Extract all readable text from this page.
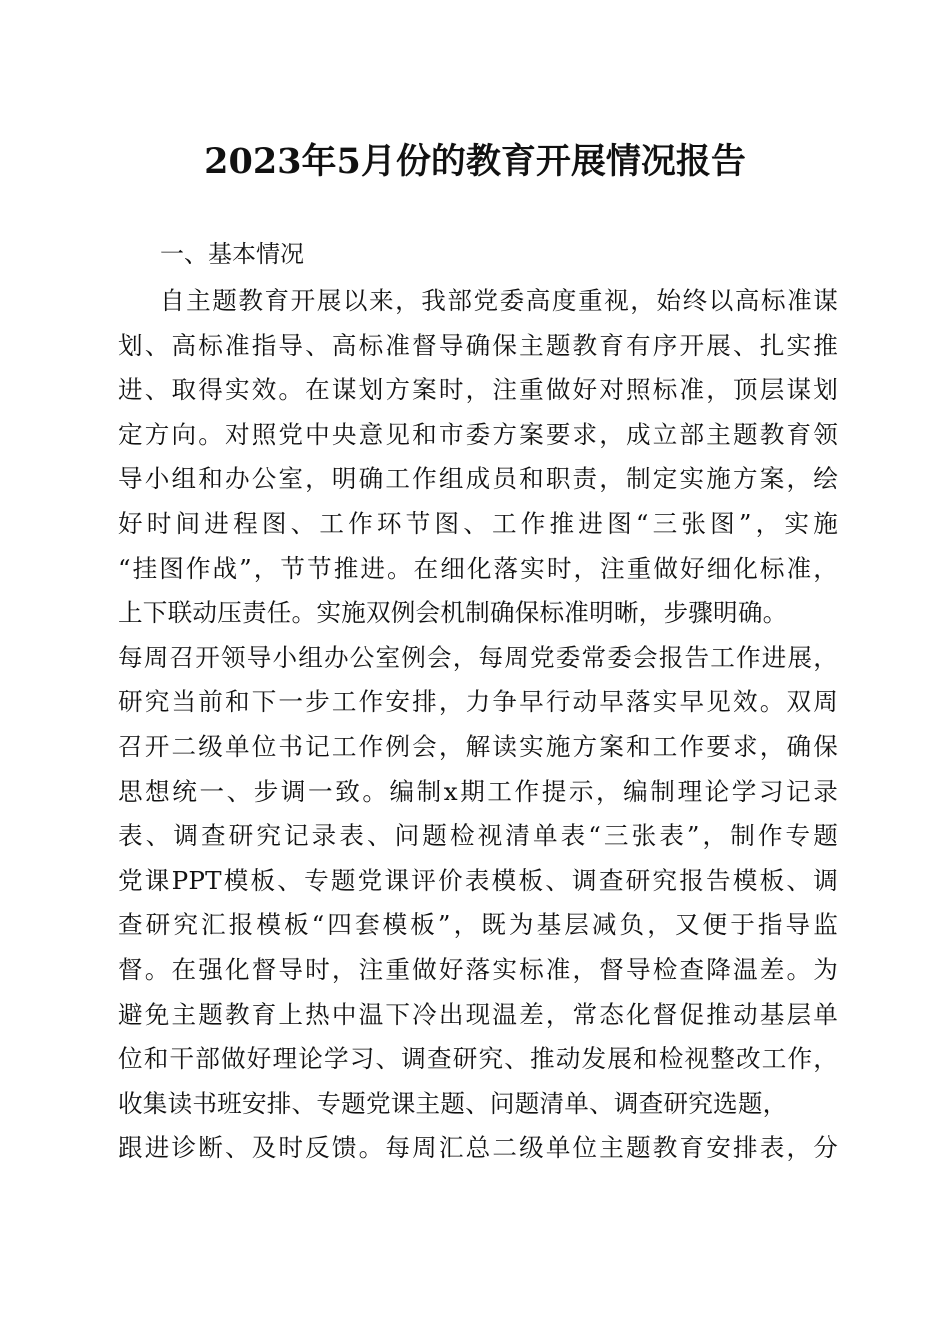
2023年5月份的教育开展情况报告
一、基本情况
自主题教育开展以来，我部党委高度重视，始终以高标准谋
划、高标准指导、高标准督导确保主题教育有序开展、扎实推
进、取得实效。在谋划方案时，注重做好对照标准，顶层谋划
定方向。对照党中央意见和市委方案要求，成立部主题教育领
导小组和办公室，明确工作组成员和职责，制定实施方案，绘
好时间进程图、工作环节图、工作推进图“三张图”，实施
“挂图作战”，节节推进。在细化落实时，注重做好细化标准，
上下联动压责任。实施双例会机制确保标准明晰，步骤明确。
每周召开领导小组办公室例会，每周党委常委会报告工作进展，
研究当前和下一步工作安排，力争早行动早落实早见效。双周
召开二级单位书记工作例会，解读实施方案和工作要求，确保
思想统一、步调一致。编制x期工作提示，编制理论学习记录
表、调查研究记录表、问题检视清单表“三张表”，制作专题
党课PPT模板、专题党课评价表模板、调查研究报告模板、调
查研究汇报模板“四套模板”，既为基层减负，又便于指导监
督。在强化督导时，注重做好落实标准，督导检查降温差。为
避免主题教育上热中温下冷出现温差，常态化督促推动基层单
位和干部做好理论学习、调查研究、推动发展和检视整改工作，
收集读书班安排、专题党课主题、问题清单、调查研究选题，
跟进诊断、及时反馈。每周汇总二级单位主题教育安排表，分
